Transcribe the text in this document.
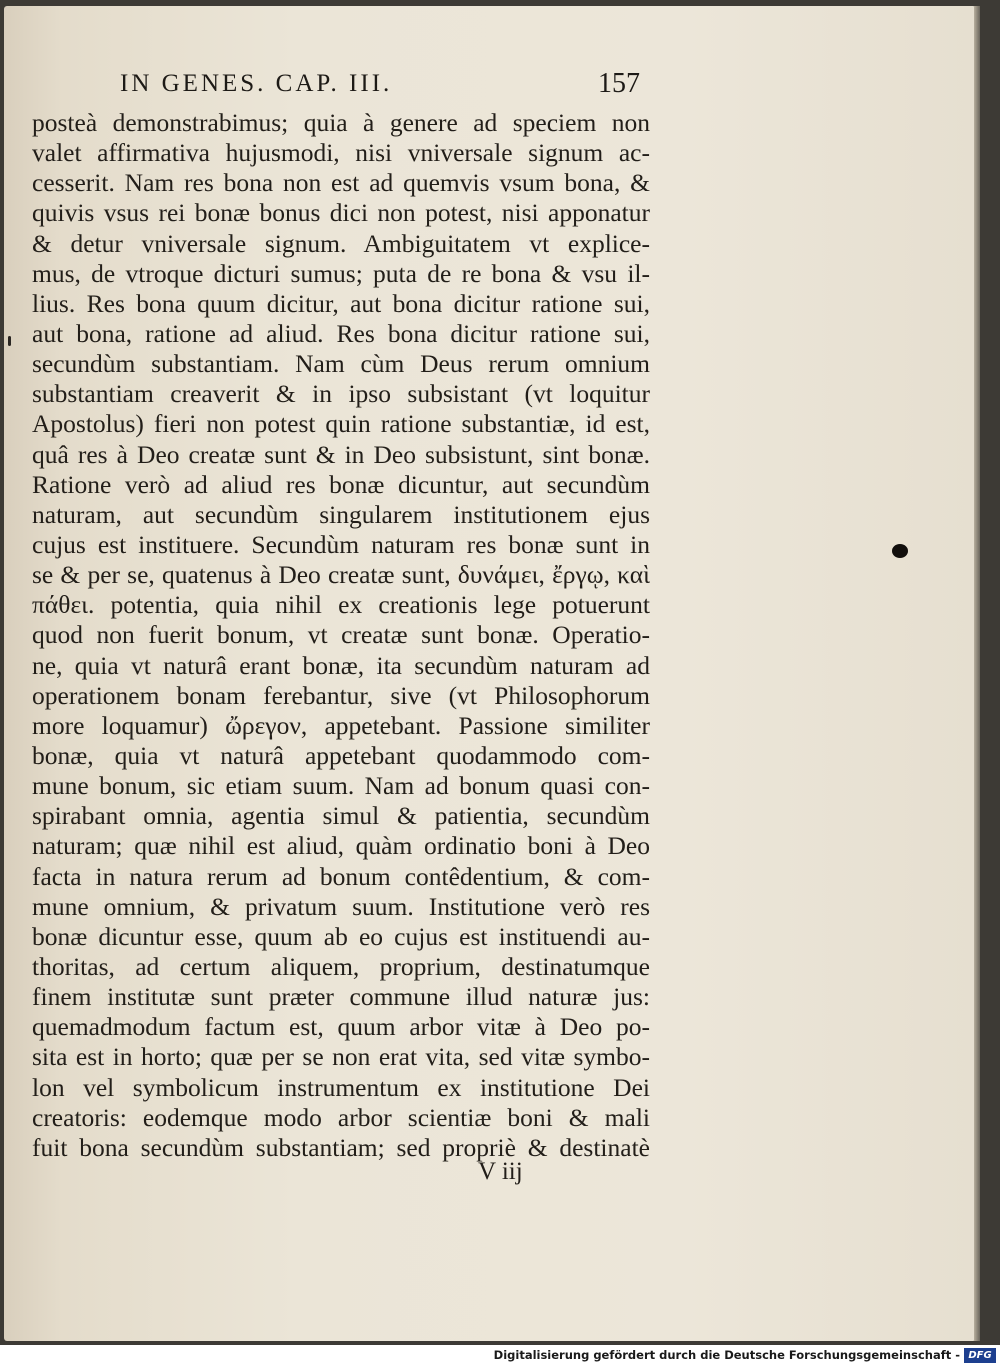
IN GENES. CAP. III.	157
posteà demonstrabimus; quia à genere ad speciem non
valet affirmativa hujusmodi, nisi vniversale signum ac-
cesserit. Nam res bona non est ad quemvis vsum bona, &
quivis vsus rei bonæ bonus dici non potest, nisi apponatur
& detur vniversale signum. Ambiguitatem vt explice-
mus, de vtroque dicturi sumus; puta de re bona & vsu il-
lius. Res bona quum dicitur, aut bona dicitur ratione sui,
aut bona, ratione ad aliud. Res bona dicitur ratione sui,
secundùm substantiam. Nam cùm Deus rerum omnium
substantiam creaverit & in ipso subsistant (vt loquitur
Apostolus) fieri non potest quin ratione substantiæ, id est,
quâ res à Deo creatæ sunt & in Deo subsistunt, sint bonæ.
Ratione verò ad aliud res bonæ dicuntur, aut secundùm
naturam, aut secundùm singularem institutionem ejus
cujus est instituere. Secundùm naturam res bonæ sunt in
se & per se, quatenus à Deo creatæ sunt, δυνάμει, ἔργῳ, καὶ
πάθει. potentia, quia nihil ex creationis lege potuerunt
quod non fuerit bonum, vt creatæ sunt bonæ. Operatio-
ne, quia vt naturâ erant bonæ, ita secundùm naturam ad
operationem bonam ferebantur, sive (vt Philosophorum
more loquamur) ὤρεγον, appetebant. Passione similiter
bonæ, quia vt naturâ appetebant quodammodo com-
mune bonum, sic etiam suum. Nam ad bonum quasi con-
spirabant omnia, agentia simul & patientia, secundùm
naturam; quæ nihil est aliud, quàm ordinatio boni à Deo
facta in natura rerum ad bonum contêdentium, & com-
mune omnium, & privatum suum. Institutione verò res
bonæ dicuntur esse, quum ab eo cujus est instituendi au-
thoritas, ad certum aliquem, proprium, destinatumque
finem institutæ sunt præter commune illud naturæ jus:
quemadmodum factum est, quum arbor vitæ à Deo po-
sita est in horto; quæ per se non erat vita, sed vitæ symbo-
lon vel symbolicum instrumentum ex institutione Dei
creatoris: eodemque modo arbor scientiæ boni & mali
fuit bona secundùm substantiam; sed propriè & destinatè
V iij
Digitalisierung gefördert durch die Deutsche Forschungsgemeinschaft - DFG
